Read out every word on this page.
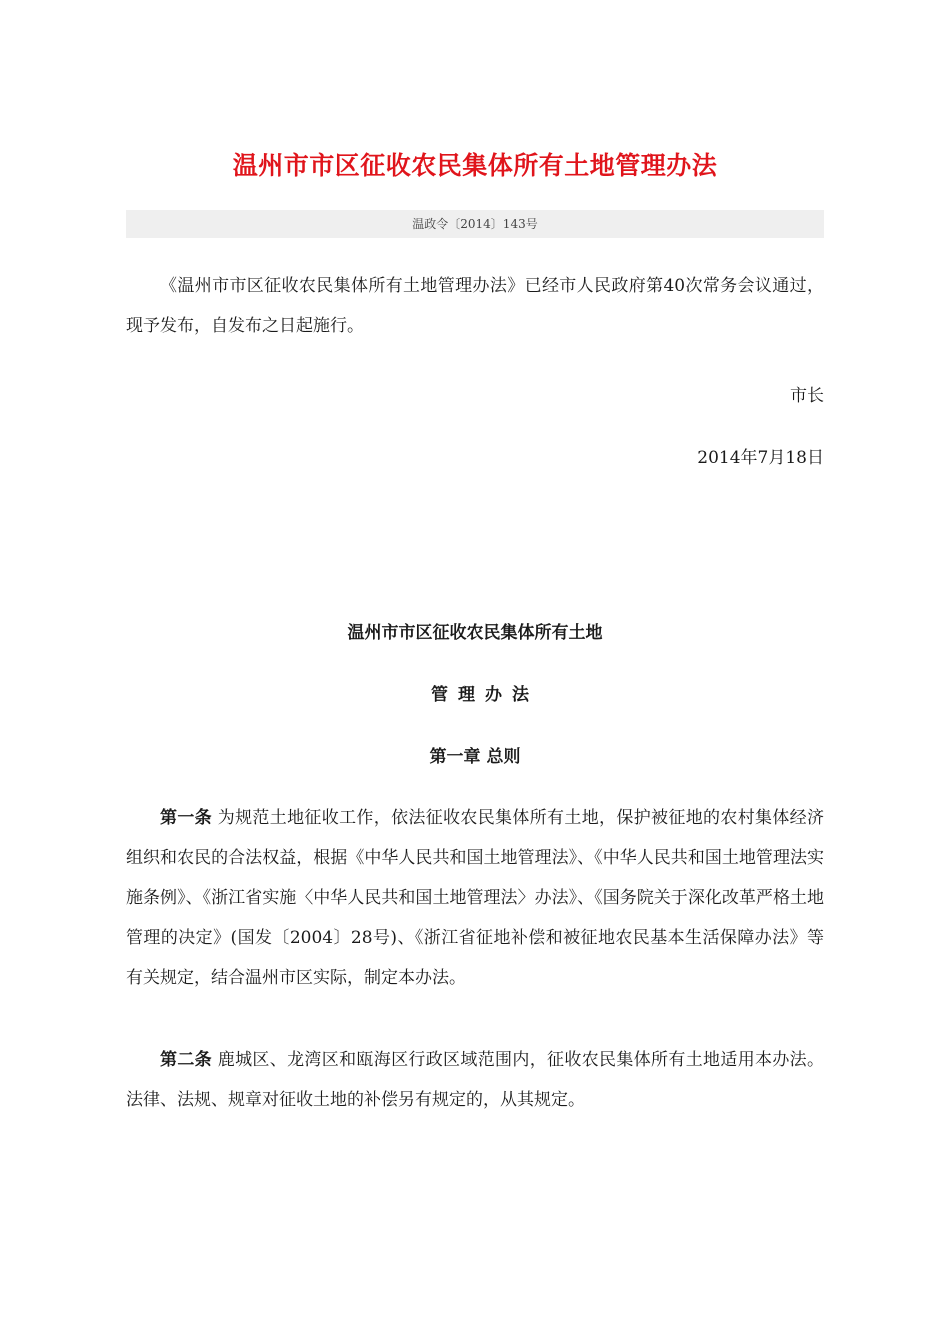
温州市市区征收农民集体所有土地管理办法
温政令〔2014〕143号

《温州市市区征收农民集体所有土地管理办法》已经市人民政府第40次常务会议通过，现予发布，自发布之日起施行。

市长

2014年7月18日

温州市市区征收农民集体所有土地

管理办法

第一章 总则

第一条 为规范土地征收工作，依法征收农民集体所有土地，保护被征地的农村集体经济组织和农民的合法权益，根据《中华人民共和国土地管理法》、《中华人民共和国土地管理法实施条例》、《浙江省实施〈中华人民共和国土地管理法〉办法》、《国务院关于深化改革严格土地管理的决定》(国发〔2004〕28号)、《浙江省征地补偿和被征地农民基本生活保障办法》等有关规定，结合温州市区实际，制定本办法。

第二条 鹿城区、龙湾区和瓯海区行政区域范围内，征收农民集体所有土地适用本办法。法律、法规、规章对征收土地的补偿另有规定的，从其规定。
